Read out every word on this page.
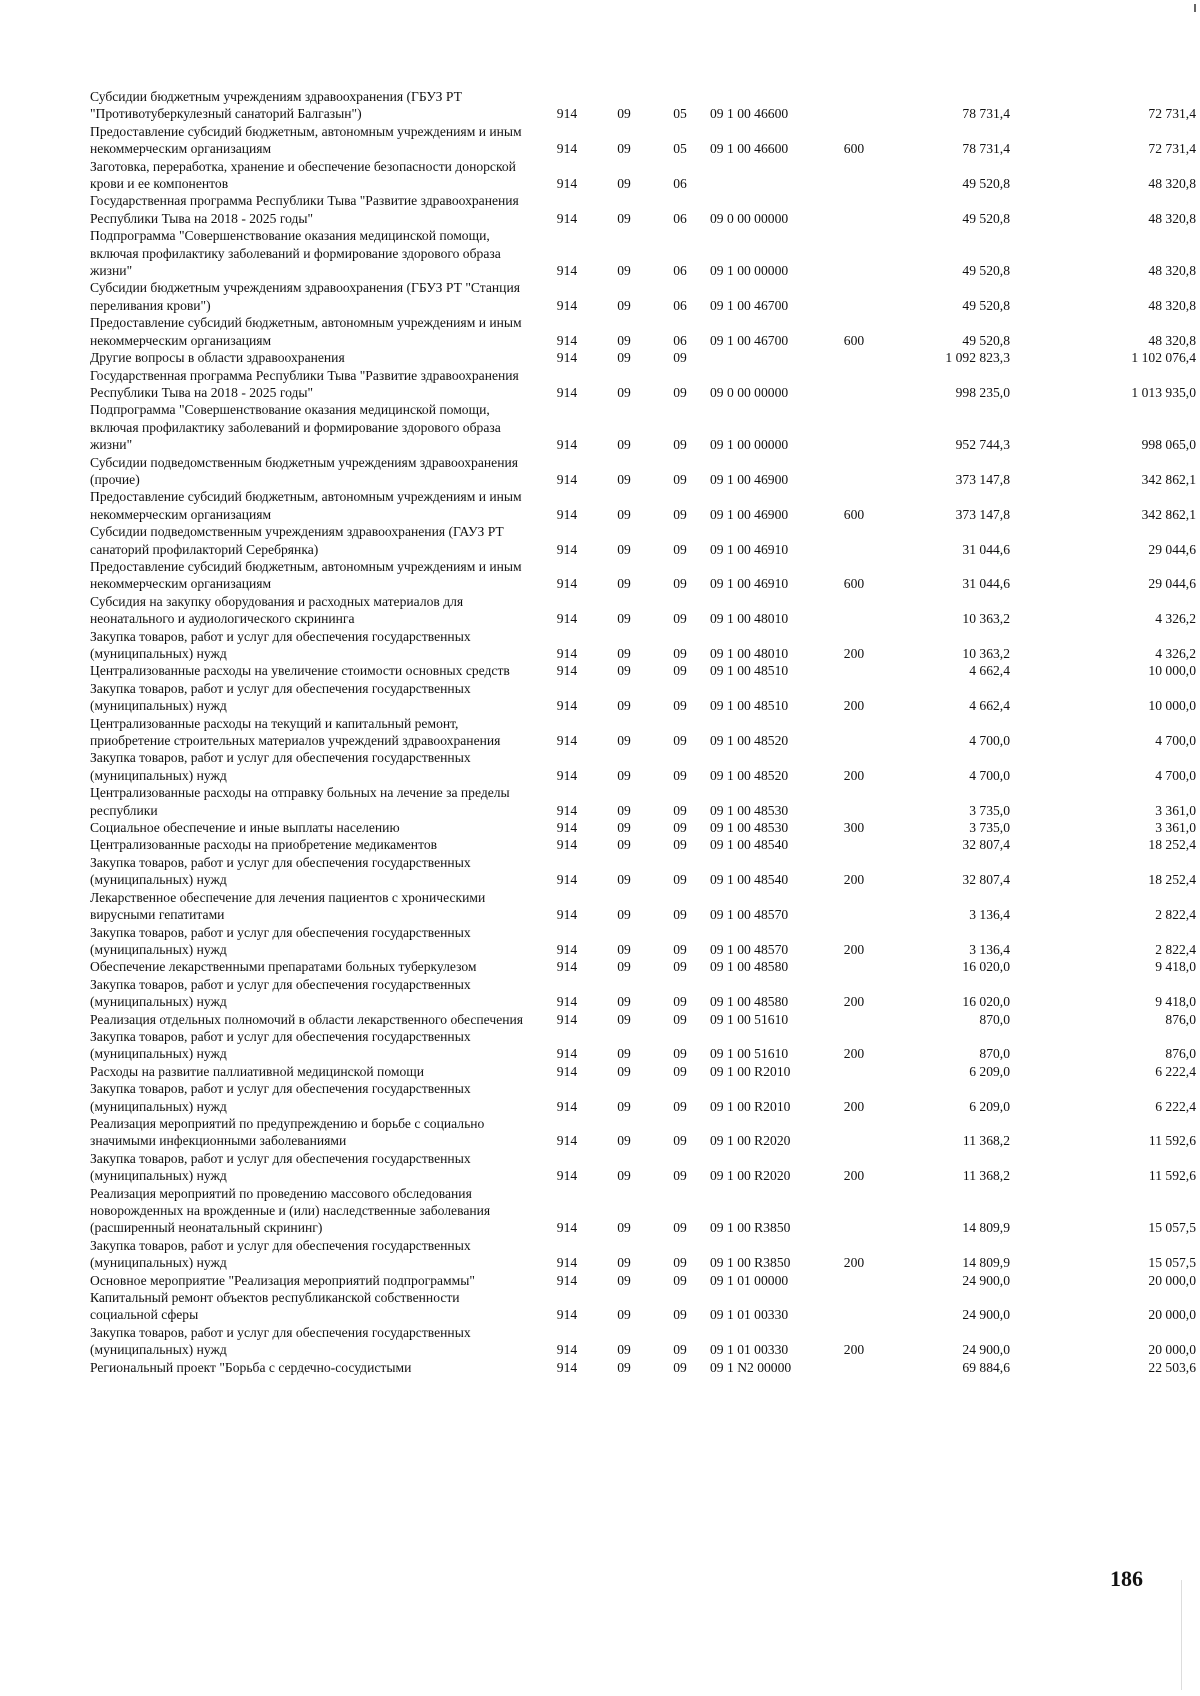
Субсидии бюджетным учреждениям здравоохранения (ГБУЗ РТ "Противотуберкулезный санаторий Балгазын")	914	09	05	09 1 00 46600		78 731,4	72 731,4
Предоставление субсидий бюджетным, автономным учреждениям и иным некоммерческим организациям	914	09	05	09 1 00 46600	600	78 731,4	72 731,4
Заготовка, переработка, хранение и обеспечение безопасности донорской крови и ее компонентов	914	09	06			49 520,8	48 320,8
Государственная программа Республики Тыва "Развитие здравоохранения Республики Тыва на 2018 - 2025 годы"	914	09	06	09 0 00 00000		49 520,8	48 320,8
Подпрограмма "Совершенствование оказания медицинской помощи, включая профилактику заболеваний и формирование здорового образа жизни"	914	09	06	09 1 00 00000		49 520,8	48 320,8
Субсидии бюджетным учреждениям здравоохранения (ГБУЗ РТ "Станция переливания крови")	914	09	06	09 1 00 46700		49 520,8	48 320,8
Предоставление субсидий бюджетным, автономным учреждениям и иным некоммерческим организациям	914	09	06	09 1 00 46700	600	49 520,8	48 320,8
Другие вопросы в области здравоохранения	914	09	09			1 092 823,3	1 102 076,4
Государственная программа Республики Тыва "Развитие здравоохранения Республики Тыва на 2018 - 2025 годы"	914	09	09	09 0 00 00000		998 235,0	1 013 935,0
Подпрограмма "Совершенствование оказания медицинской помощи, включая профилактику заболеваний и формирование здорового образа жизни"	914	09	09	09 1 00 00000		952 744,3	998 065,0
Субсидии подведомственным бюджетным учреждениям здравоохранения (прочие)	914	09	09	09 1 00 46900		373 147,8	342 862,1
Предоставление субсидий бюджетным, автономным учреждениям и иным некоммерческим организациям	914	09	09	09 1 00 46900	600	373 147,8	342 862,1
Субсидии подведомственным учреждениям здравоохранения (ГАУЗ РТ санаторий профилакторий Серебрянка)	914	09	09	09 1 00 46910		31 044,6	29 044,6
Предоставление субсидий бюджетным, автономным учреждениям и иным некоммерческим организациям	914	09	09	09 1 00 46910	600	31 044,6	29 044,6
Субсидия на закупку оборудования и расходных материалов для неонатального и аудиологического скрининга	914	09	09	09 1 00 48010		10 363,2	4 326,2
Закупка товаров, работ и услуг для обеспечения государственных (муниципальных) нужд	914	09	09	09 1 00 48010	200	10 363,2	4 326,2
Централизованные расходы на увеличение стоимости основных средств	914	09	09	09 1 00 48510		4 662,4	10 000,0
Закупка товаров, работ и услуг для обеспечения государственных (муниципальных) нужд	914	09	09	09 1 00 48510	200	4 662,4	10 000,0
Централизованные расходы на текущий и капитальный ремонт, приобретение строительных материалов учреждений здравоохранения	914	09	09	09 1 00 48520		4 700,0	4 700,0
Закупка товаров, работ и услуг для обеспечения государственных (муниципальных) нужд	914	09	09	09 1 00 48520	200	4 700,0	4 700,0
Централизованные расходы на отправку больных на лечение за пределы республики	914	09	09	09 1 00 48530		3 735,0	3 361,0
Социальное обеспечение и иные выплаты населению	914	09	09	09 1 00 48530	300	3 735,0	3 361,0
Централизованные расходы на приобретение медикаментов	914	09	09	09 1 00 48540		32 807,4	18 252,4
Закупка товаров, работ и услуг для обеспечения государственных (муниципальных) нужд	914	09	09	09 1 00 48540	200	32 807,4	18 252,4
Лекарственное обеспечение для лечения пациентов с хроническими вирусными гепатитами	914	09	09	09 1 00 48570		3 136,4	2 822,4
Закупка товаров, работ и услуг для обеспечения государственных (муниципальных) нужд	914	09	09	09 1 00 48570	200	3 136,4	2 822,4
Обеспечение лекарственными препаратами больных туберкулезом	914	09	09	09 1 00 48580		16 020,0	9 418,0
Закупка товаров, работ и услуг для обеспечения государственных (муниципальных) нужд	914	09	09	09 1 00 48580	200	16 020,0	9 418,0
Реализация отдельных полномочий в области лекарственного обеспечения	914	09	09	09 1 00 51610		870,0	876,0
Закупка товаров, работ и услуг для обеспечения государственных (муниципальных) нужд	914	09	09	09 1 00 51610	200	870,0	876,0
Расходы на развитие паллиативной медицинской помощи	914	09	09	09 1 00 R2010		6 209,0	6 222,4
Закупка товаров, работ и услуг для обеспечения государственных (муниципальных) нужд	914	09	09	09 1 00 R2010	200	6 209,0	6 222,4
Реализация мероприятий по предупреждению и борьбе с социально значимыми инфекционными заболеваниями	914	09	09	09 1 00 R2020		11 368,2	11 592,6
Закупка товаров, работ и услуг для обеспечения государственных (муниципальных) нужд	914	09	09	09 1 00 R2020	200	11 368,2	11 592,6
Реализация мероприятий по проведению массового обследования новорожденных на врожденные и (или) наследственные заболевания (расширенный неонатальный скрининг)	914	09	09	09 1 00 R3850		14 809,9	15 057,5
Закупка товаров, работ и услуг для обеспечения государственных (муниципальных) нужд	914	09	09	09 1 00 R3850	200	14 809,9	15 057,5
Основное мероприятие "Реализация мероприятий подпрограммы"	914	09	09	09 1 01 00000		24 900,0	20 000,0
Капитальный ремонт объектов республиканской собственности социальной сферы	914	09	09	09 1 01 00330		24 900,0	20 000,0
Закупка товаров, работ и услуг для обеспечения государственных (муниципальных) нужд	914	09	09	09 1 01 00330	200	24 900,0	20 000,0
Региональный проект "Борьба с сердечно-сосудистыми	914	09	09	09 1 N2 00000		69 884,6	22 503,6
186
